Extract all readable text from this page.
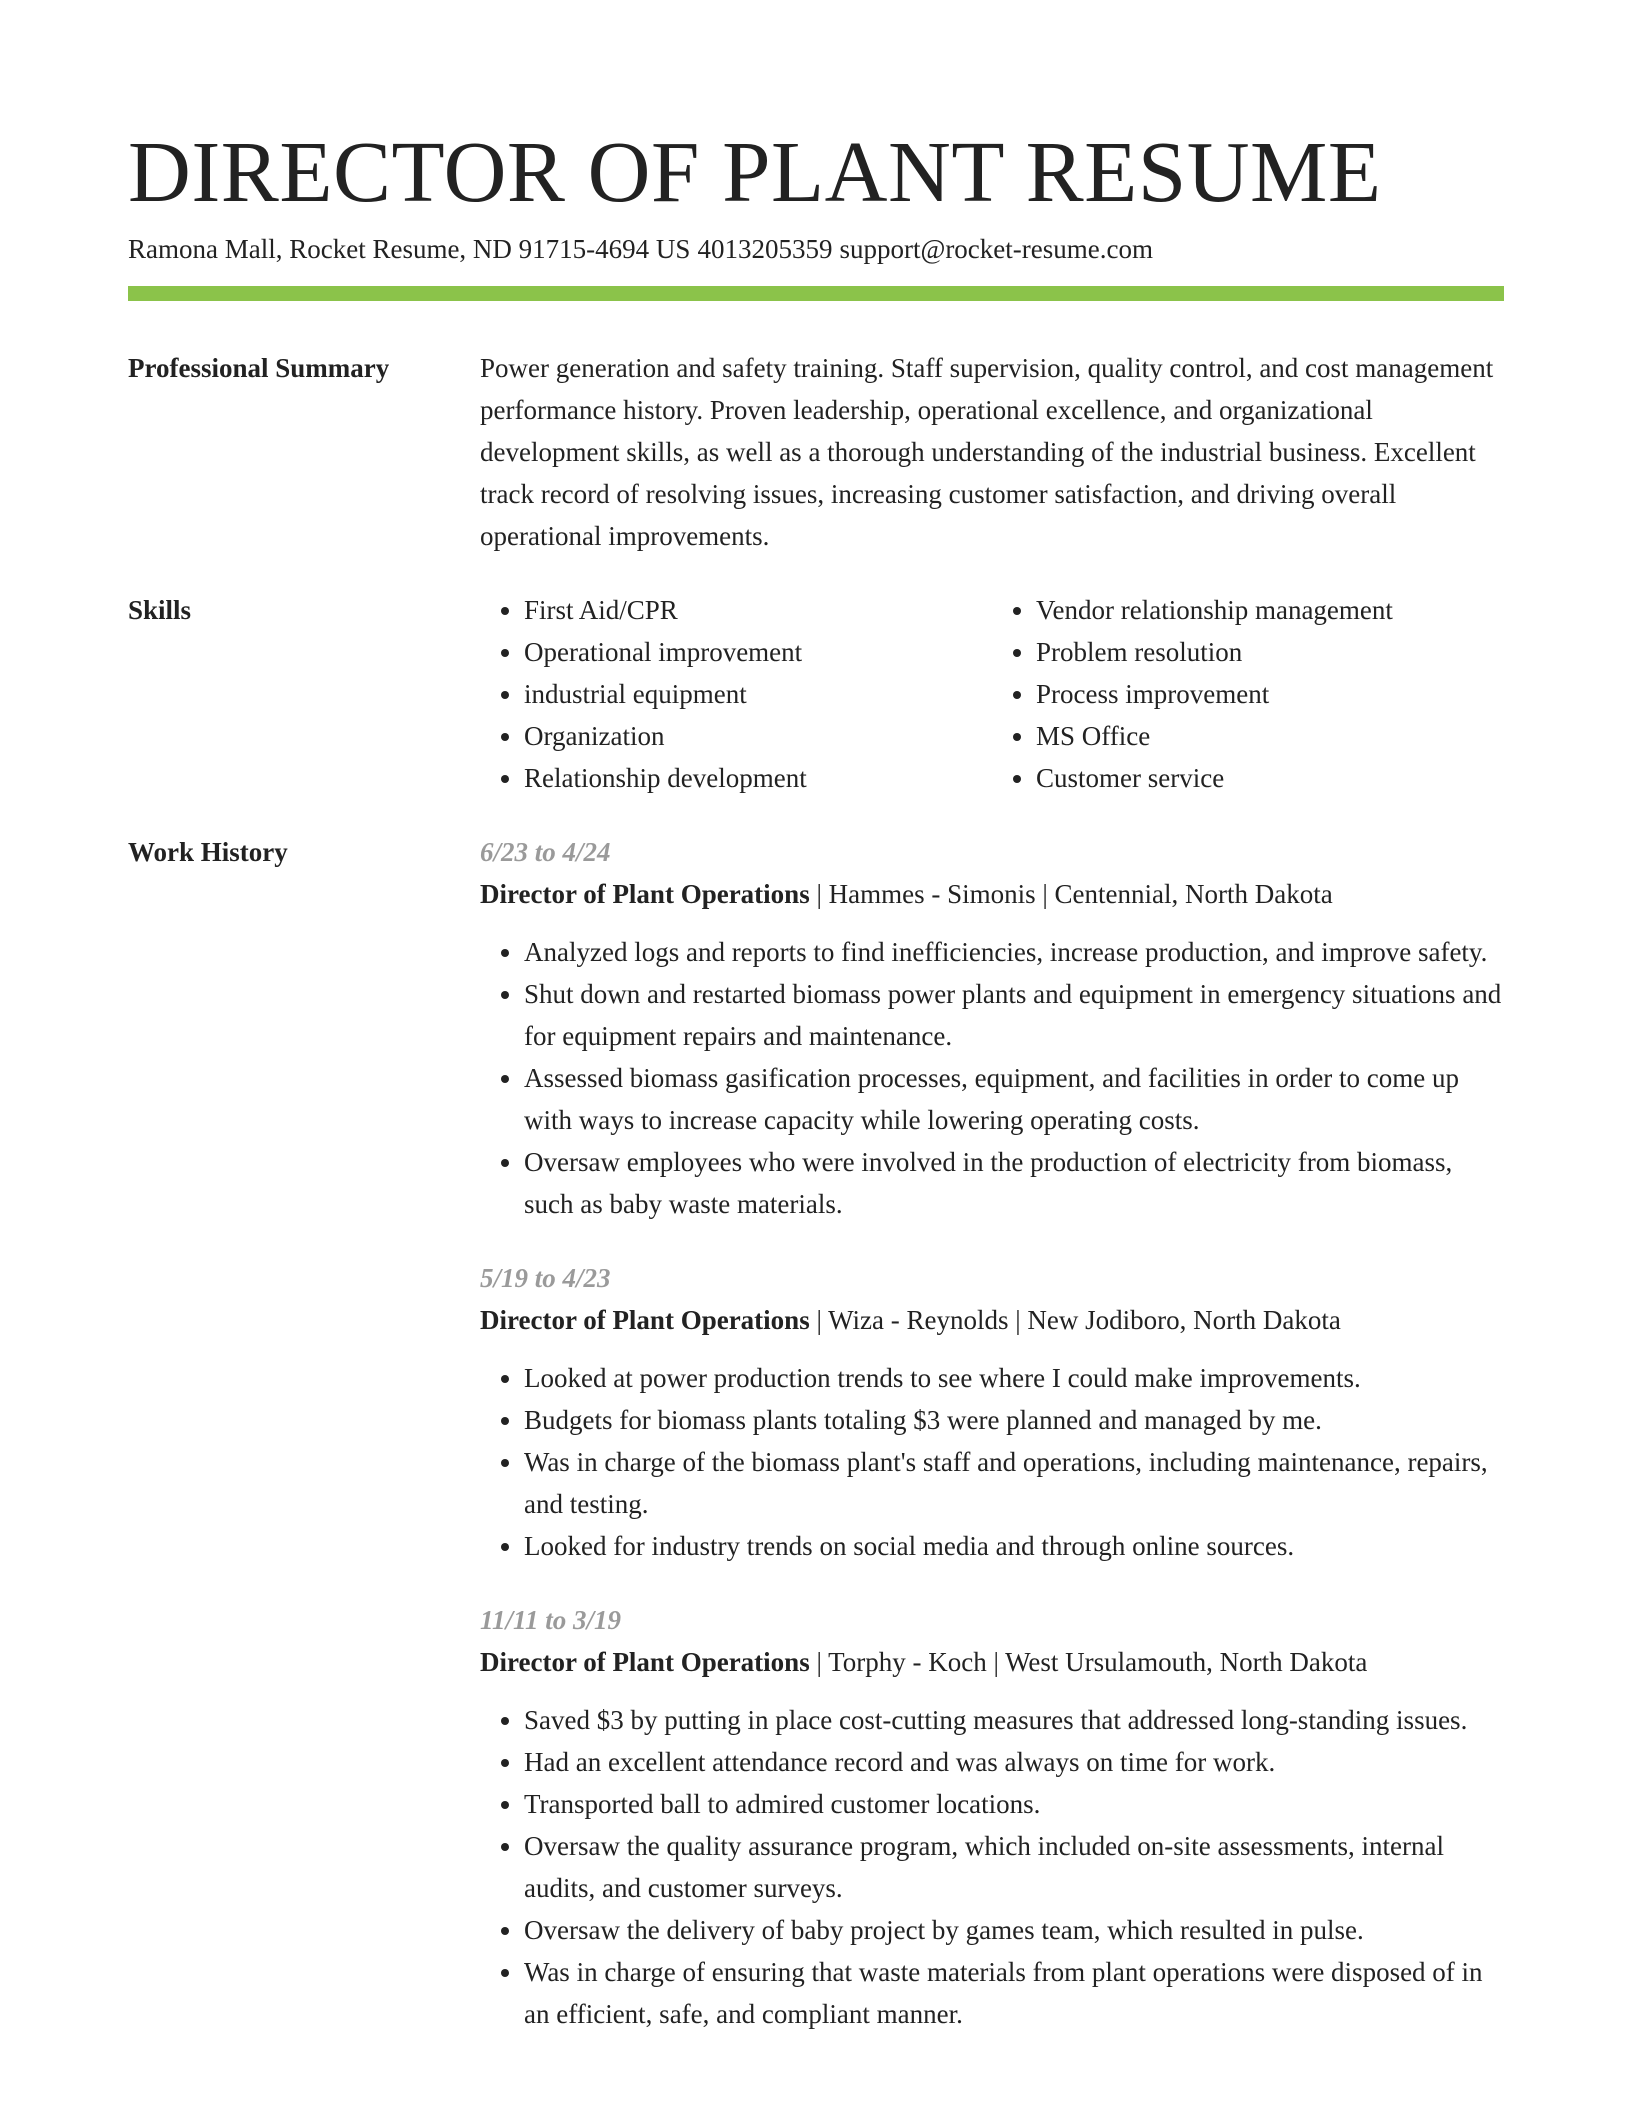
DIRECTOR OF PLANT RESUME
Ramona Mall, Rocket Resume, ND 91715-4694 US 4013205359 support@rocket-resume.com
Professional Summary	Power generation and safety training. Staff supervision, quality control, and cost management performance history. Proven leadership, operational excellence, and organizational development skills, as well as a thorough understanding of the industrial business. Excellent track record of resolving issues, increasing customer satisfaction, and driving overall operational improvements.

Skills
•	First Aid/CPR
• Operational improvement
• industrial equipment
• Organization
• Relationship development
• Vendor relationship management
• Problem resolution
• Process improvement
• MS Office
• Customer service
Work History	6/23 to 4/24
Director of Plant Operations | Hammes - Simonis | Centennial, North Dakota
• Analyzed logs and reports to find inefficiencies, increase production, and improve safety.
• Shut down and restarted biomass power plants and equipment in emergency situations and for equipment repairs and maintenance.
• Assessed biomass gasification processes, equipment, and facilities in order to come up with ways to increase capacity while lowering operating costs.
• Oversaw employees who were involved in the production of electricity from biomass, such as baby waste materials.
5/19 to 4/23
Director of Plant Operations | Wiza - Reynolds | New Jodiboro, North Dakota
• Looked at power production trends to see where I could make improvements.
• Budgets for biomass plants totaling $3 were planned and managed by me.
• Was in charge of the biomass plant's staff and operations, including maintenance, repairs, and testing.
• Looked for industry trends on social media and through online sources.
11/11 to 3/19
Director of Plant Operations | Torphy - Koch | West Ursulamouth, North Dakota
• Saved $3 by putting in place cost-cutting measures that addressed long-standing issues.
• Had an excellent attendance record and was always on time for work.
• Transported ball to admired customer locations.
• Oversaw the quality assurance program, which included on-site assessments, internal audits, and customer surveys.
• Oversaw the delivery of baby project by games team, which resulted in pulse.
• Was in charge of ensuring that waste materials from plant operations were disposed of in an efficient, safe, and compliant manner.
